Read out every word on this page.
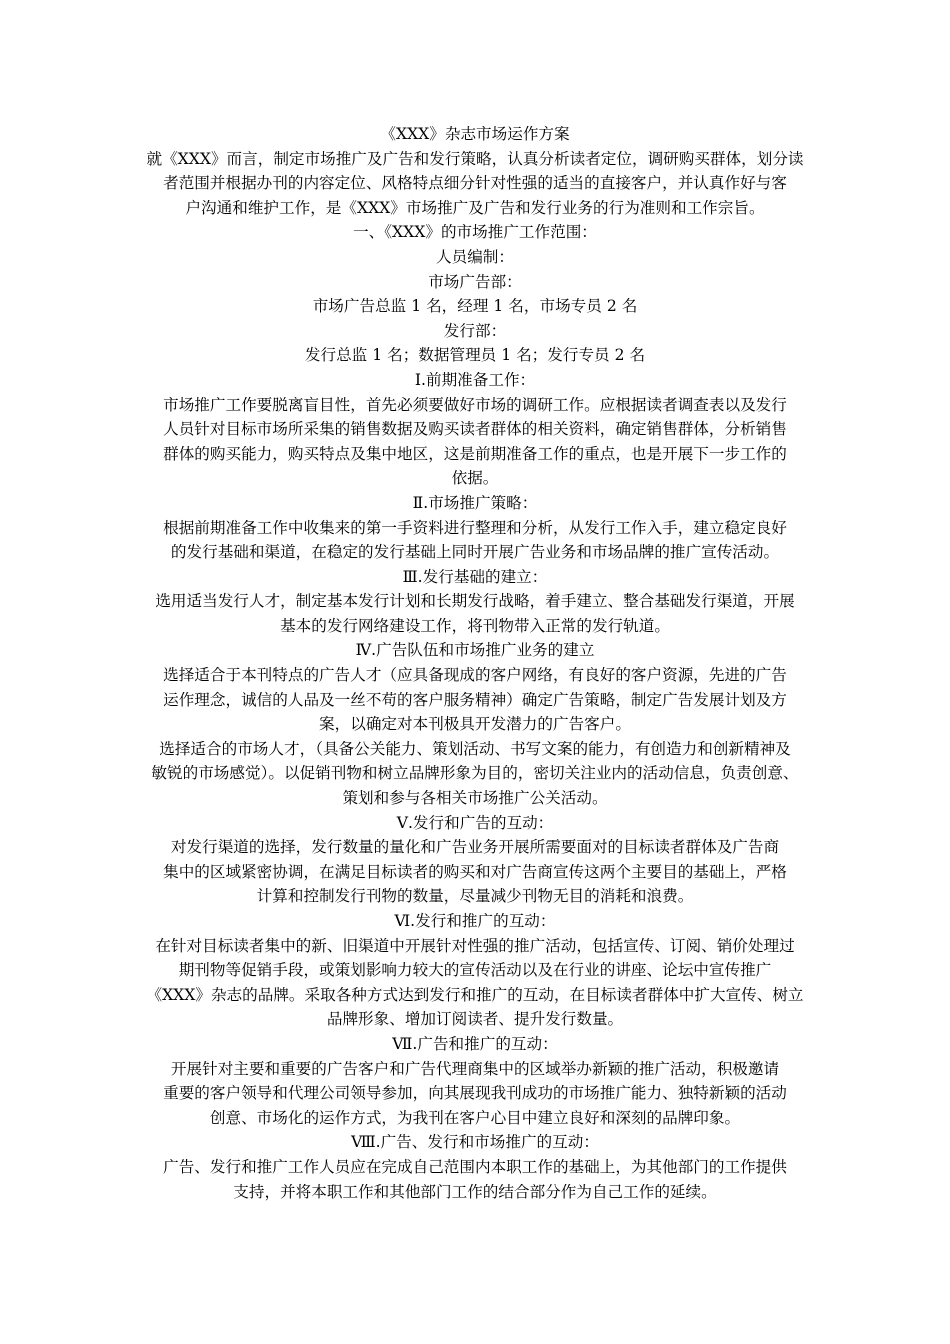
《XXX》杂志市场运作方案
就《XXX》而言，制定市场推广及广告和发行策略，认真分析读者定位，调研购买群体，划分读
者范围并根据办刊的内容定位、风格特点细分针对性强的适当的直接客户，并认真作好与客
户沟通和维护工作，是《XXX》市场推广及广告和发行业务的行为准则和工作宗旨。
一、《XXX》的市场推广工作范围：
人员编制：
市场广告部：
市场广告总监 1 名，经理 1 名，市场专员 2 名
发行部：
发行总监 1 名；数据管理员 1 名；发行专员 2 名
Ⅰ.前期准备工作：
市场推广工作要脱离盲目性，首先必须要做好市场的调研工作。应根据读者调查表以及发行
人员针对目标市场所采集的销售数据及购买读者群体的相关资料，确定销售群体，分析销售
群体的购买能力，购买特点及集中地区，这是前期准备工作的重点，也是开展下一步工作的
依据。
Ⅱ.市场推广策略：
根据前期准备工作中收集来的第一手资料进行整理和分析，从发行工作入手，建立稳定良好
的发行基础和渠道，在稳定的发行基础上同时开展广告业务和市场品牌的推广宣传活动。
Ⅲ.发行基础的建立：
选用适当发行人才，制定基本发行计划和长期发行战略，着手建立、整合基础发行渠道，开展
基本的发行网络建设工作，将刊物带入正常的发行轨道。
Ⅳ.广告队伍和市场推广业务的建立
选择适合于本刊特点的广告人才（应具备现成的客户网络，有良好的客户资源，先进的广告
运作理念，诚信的人品及一丝不苟的客户服务精神）确定广告策略，制定广告发展计划及方
案，以确定对本刊极具开发潜力的广告客户。
选择适合的市场人才，（具备公关能力、策划活动、书写文案的能力，有创造力和创新精神及
敏锐的市场感觉）。以促销刊物和树立品牌形象为目的，密切关注业内的活动信息，负责创意、
策划和参与各相关市场推广公关活动。
Ⅴ.发行和广告的互动：
对发行渠道的选择，发行数量的量化和广告业务开展所需要面对的目标读者群体及广告商
集中的区域紧密协调，在满足目标读者的购买和对广告商宣传这两个主要目的基础上，严格
计算和控制发行刊物的数量，尽量减少刊物无目的消耗和浪费。
Ⅵ.发行和推广的互动：
在针对目标读者集中的新、旧渠道中开展针对性强的推广活动，包括宣传、订阅、销价处理过
期刊物等促销手段，或策划影响力较大的宣传活动以及在行业的讲座、论坛中宣传推广
《XXX》杂志的品牌。采取各种方式达到发行和推广的互动，在目标读者群体中扩大宣传、树立
品牌形象、增加订阅读者、提升发行数量。
Ⅶ.广告和推广的互动：
开展针对主要和重要的广告客户和广告代理商集中的区域举办新颖的推广活动，积极邀请
重要的客户领导和代理公司领导参加，向其展现我刊成功的市场推广能力、独特新颖的活动
创意、市场化的运作方式，为我刊在客户心目中建立良好和深刻的品牌印象。
Ⅷ.广告、发行和市场推广的互动：
广告、发行和推广工作人员应在完成自己范围内本职工作的基础上，为其他部门的工作提供
支持，并将本职工作和其他部门工作的结合部分作为自己工作的延续。
